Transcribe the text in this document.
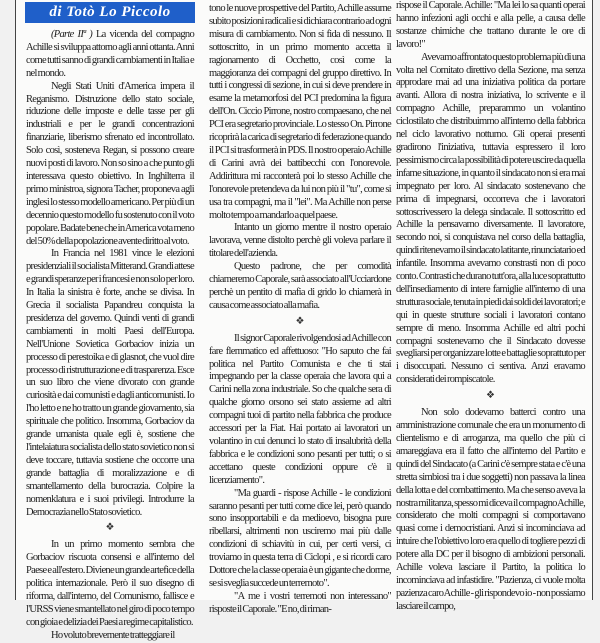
di Totò Lo Piccolo

(Parte IIª ) La vicenda del compagno Achille si sviluppa attorno agli anni ottanta. Anni come tutti sanno di grandi cambiamenti in Italia e nel mondo.

Negli Stati Uniti d'America impera il Reganismo. Distruzione dello stato sociale, riduzione delle imposte e delle tasse per gli industriali e per le grandi concentrazioni finanziarie, liberismo sfrenato ed incontrollato. Solo così, sosteneva Regan, si possono creare nuovi posti di lavoro. Non so sino a che punto gli interessava questo obiettivo. In Inghilterra il primo ministroa, signora Tacher, proponeva agli inglesi lo stesso modello americano. Per più di un decennio questo modello fu sostenuto con il voto popolare. Badate bene che in America vota meno del 50% della popolazione avente diritto al voto.

In Francia nel 1981 vince le elezioni presidenziali il socialista Mitterand. Grandi attese e grandi speranze per i francesi e non solo per loro. In Italia la sinistra è forte, anche se divisa. In Grecia il socialista Papandreu conquista la presidenza del governo. Quindi venti di grandi cambiamenti in molti Paesi dell'Europa. Nell'Unione Sovietica Gorbaciov inizia un processo di perestoika e di glasnot, che vuol dire processo di ristrutturazione e di trasparenza. Esce un suo libro che viene divorato con grande curiosità e dai comunisti e dagli anticomunisti. Io l'ho letto e ne ho tratto un grande giovamento, sia spirituale che politico. Insomma, Gorbaciov da grande umanista quale egli è, sostiene che l'intelaiatura socialista dello stato sovietico non si deve toccare, tuttavia sostiene che occorre una grande battaglia di moralizzazione e di smantellamento della burocrazia. Colpire la nomenklatura e i suoi privilegi. Introdurre la Democrazia nello Stato sovietico.

❖

In un primo momento sembra che Gorbaciov riscuota consensi e all'interno del Paese e all'estero. Diviene un grande artefice della politica internazionale. Però il suo disegno di riforma, dall'interno, del Comunismo, fallisce e l'URSS viene smantellato nel giro di poco tempo con gioia e delizia dei Paesi a regime capitalistico.

Ho voluto brevemente tratteggiare il

tono le nuove prospettive del Partito, Achille assume subito posizioni radicali e si dichiara contrario ad ogni misura di cambiamento. Non si fida di nessuno. Il sottoscritto, in un primo momento accetta il ragionamento di Occhetto, così come la maggioranza dei compagni del gruppo direttivo. In tutti i congressi di sezione, in cui si deve prendere in esame la metamorfosi del PCI predomina la figura dell'On. Ciccio Pirrone, nostro compaesano, che nel PCI era segretario provinciale. Lo stesso On. Pirrone ricoprirà la carica di segretario di federazione quando il PCI si trasformerà in PDS. Il nostro operaio Achille di Carini avrà dei battibecchi con l'onorevole. Addirittura mi racconterà poi lo stesso Achille che l'onorevole pretendeva da lui non più il "tu", come si usa tra compagni, ma il "lei". Ma Achille non perse molto tempo a mandarlo a quel paese.

Intanto un giorno mentre il nostro operaio lavorava, venne distolto perchè gli voleva parlare il titolare dell'azienda.

Questo padrone, che per comodità chiameremo Caporale, sarà associato all'Ucciardone perchè un pentito di mafia di grido lo chiamerà in causa come associato alla mafia.

❖

Il signor Caporale rivolgendosi ad Achille con fare flemmatico ed affettuoso: "Ho saputo che fai politica nel Partito Comunista e che ti stai impegnando per la classe operaia che lavora qui a Carini nella zona industriale. So che qualche sera di qualche giorno orsono sei stato assieme ad altri compagni tuoi di partito nella fabbrica che produce accessori per la Fiat. Hai portato ai lavoratori un volantino in cui denunci lo stato di insalubrità della fabbrica e le condizioni sono pesanti per tutti; o si accettano queste condizioni oppure c'è il licenziamento".

"Ma guardi - rispose Achille - le condizioni saranno pesanti per tutti come dice lei, però quando sono insopportabili e da medioevo, bisogna pure ribellarsi, altrimenti non usciremo mai più dalle condizioni di schiavitù in cui, per certi versi, ci troviamo in questa terra di Ciclopi , e si ricordi caro Dottore che la classe operaia è un gigante che dorme, se si sveglia succede un terremoto".

"A me i vostri terremoti non interessano" risposte il Caporale. "E no, di riman-

rispose il Caporale. Achille: "Ma lei lo sa quanti operai hanno infezioni agli occhi e alla pelle, a causa delle sostanze chimiche che trattano durante le ore di lavoro!"

Avevamo affrontato questo problema più di una volta nel Comitato direttivo della Sezione, ma senza approdare mai ad una iniziativa politica da portare avanti. Allora di nostra iniziativa, lo scrivente e il compagno Achille, preparammo un volantino ciclostilato che distribuimmo all'interno della fabbrica nel ciclo lavorativo notturno. Gli operai presenti gradirono l'iniziativa, tuttavia espressero il loro pessimismo circa la possibilità di potere uscire da quella infame situazione, in quanto il sindacato non si era mai impegnato per loro. Al sindacato sostenevano che prima di impegnarsi, occorreva che i lavoratori sottoscrivessero la delega sindacale. Il sottoscritto ed Achille la pensavamo diversamente. Il lavoratore, secondo noi, si conquistava nel corso della battaglia, quindi ritenevamo il sindacato latitante, rinunciatario ed infantile. Insomma avevamo constrasti non di poco conto. Contrasti che durano tutt'ora, alla luce soprattutto dell'insediamento di intere famiglie all'interno di una struttura sociale, tenuta in piedi dai soldi dei lavoratori; e qui in queste strutture sociali i lavoratori contano sempre di meno. Insomma Achille ed altri pochi compagni sostenevamo che il Sindacato dovesse svegliarsi per organizzare lotte e battaglie soprattuto per i disoccupati. Nessuno ci sentiva. Anzi eravamo considerati dei rompiscatole.

❖

Non solo dodevamo batterci contro una amministrazione comunale che era un monumento di clientelismo e di arroganza, ma quello che più ci amareggiava era il fatto che all'interno del Partito e quindi del Sindacato (a Carini c'è sempre stata e c'è una stretta simbiosi tra i due soggetti) non passava la linea della lotta e del combattimento. Ma che senso aveva la nostra militanza, spesso mi diceva il compagno Achille, considerato che molti compagni si comportavano quasi come i democristiani. Anzi si incominciava ad intuire che l'obiettivo loro era quello di togliere pezzi di potere alla DC per il bisogno di ambizioni personali. Achille voleva lasciare il Partito, la politica lo incominciava ad infastidire. "Pazienza, ci vuole molta pazienza caro Achille - gli rispondevo io - non possiamo lasciare il campo,
